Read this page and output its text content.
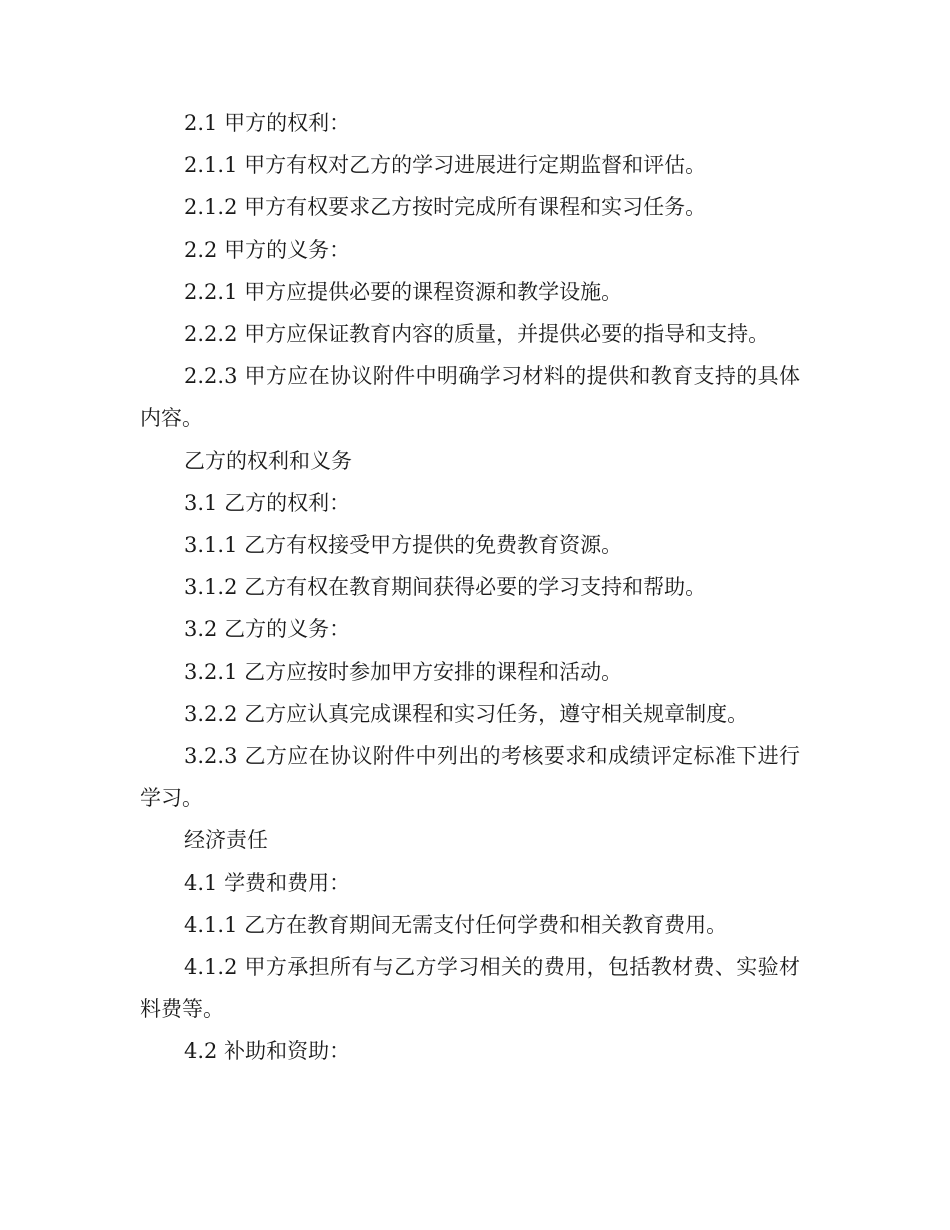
2.1 甲方的权利：

2.1.1 甲方有权对乙方的学习进展进行定期监督和评估。

2.1.2 甲方有权要求乙方按时完成所有课程和实习任务。

2.2 甲方的义务：

2.2.1 甲方应提供必要的课程资源和教学设施。

2.2.2 甲方应保证教育内容的质量，并提供必要的指导和支持。

2.2.3 甲方应在协议附件中明确学习材料的提供和教育支持的具体内容。

乙方的权利和义务

3.1 乙方的权利：

3.1.1 乙方有权接受甲方提供的免费教育资源。

3.1.2 乙方有权在教育期间获得必要的学习支持和帮助。

3.2 乙方的义务：

3.2.1 乙方应按时参加甲方安排的课程和活动。

3.2.2 乙方应认真完成课程和实习任务，遵守相关规章制度。

3.2.3 乙方应在协议附件中列出的考核要求和成绩评定标准下进行学习。

经济责任

4.1 学费和费用：

4.1.1 乙方在教育期间无需支付任何学费和相关教育费用。

4.1.2 甲方承担所有与乙方学习相关的费用，包括教材费、实验材料费等。

4.2 补助和资助：
